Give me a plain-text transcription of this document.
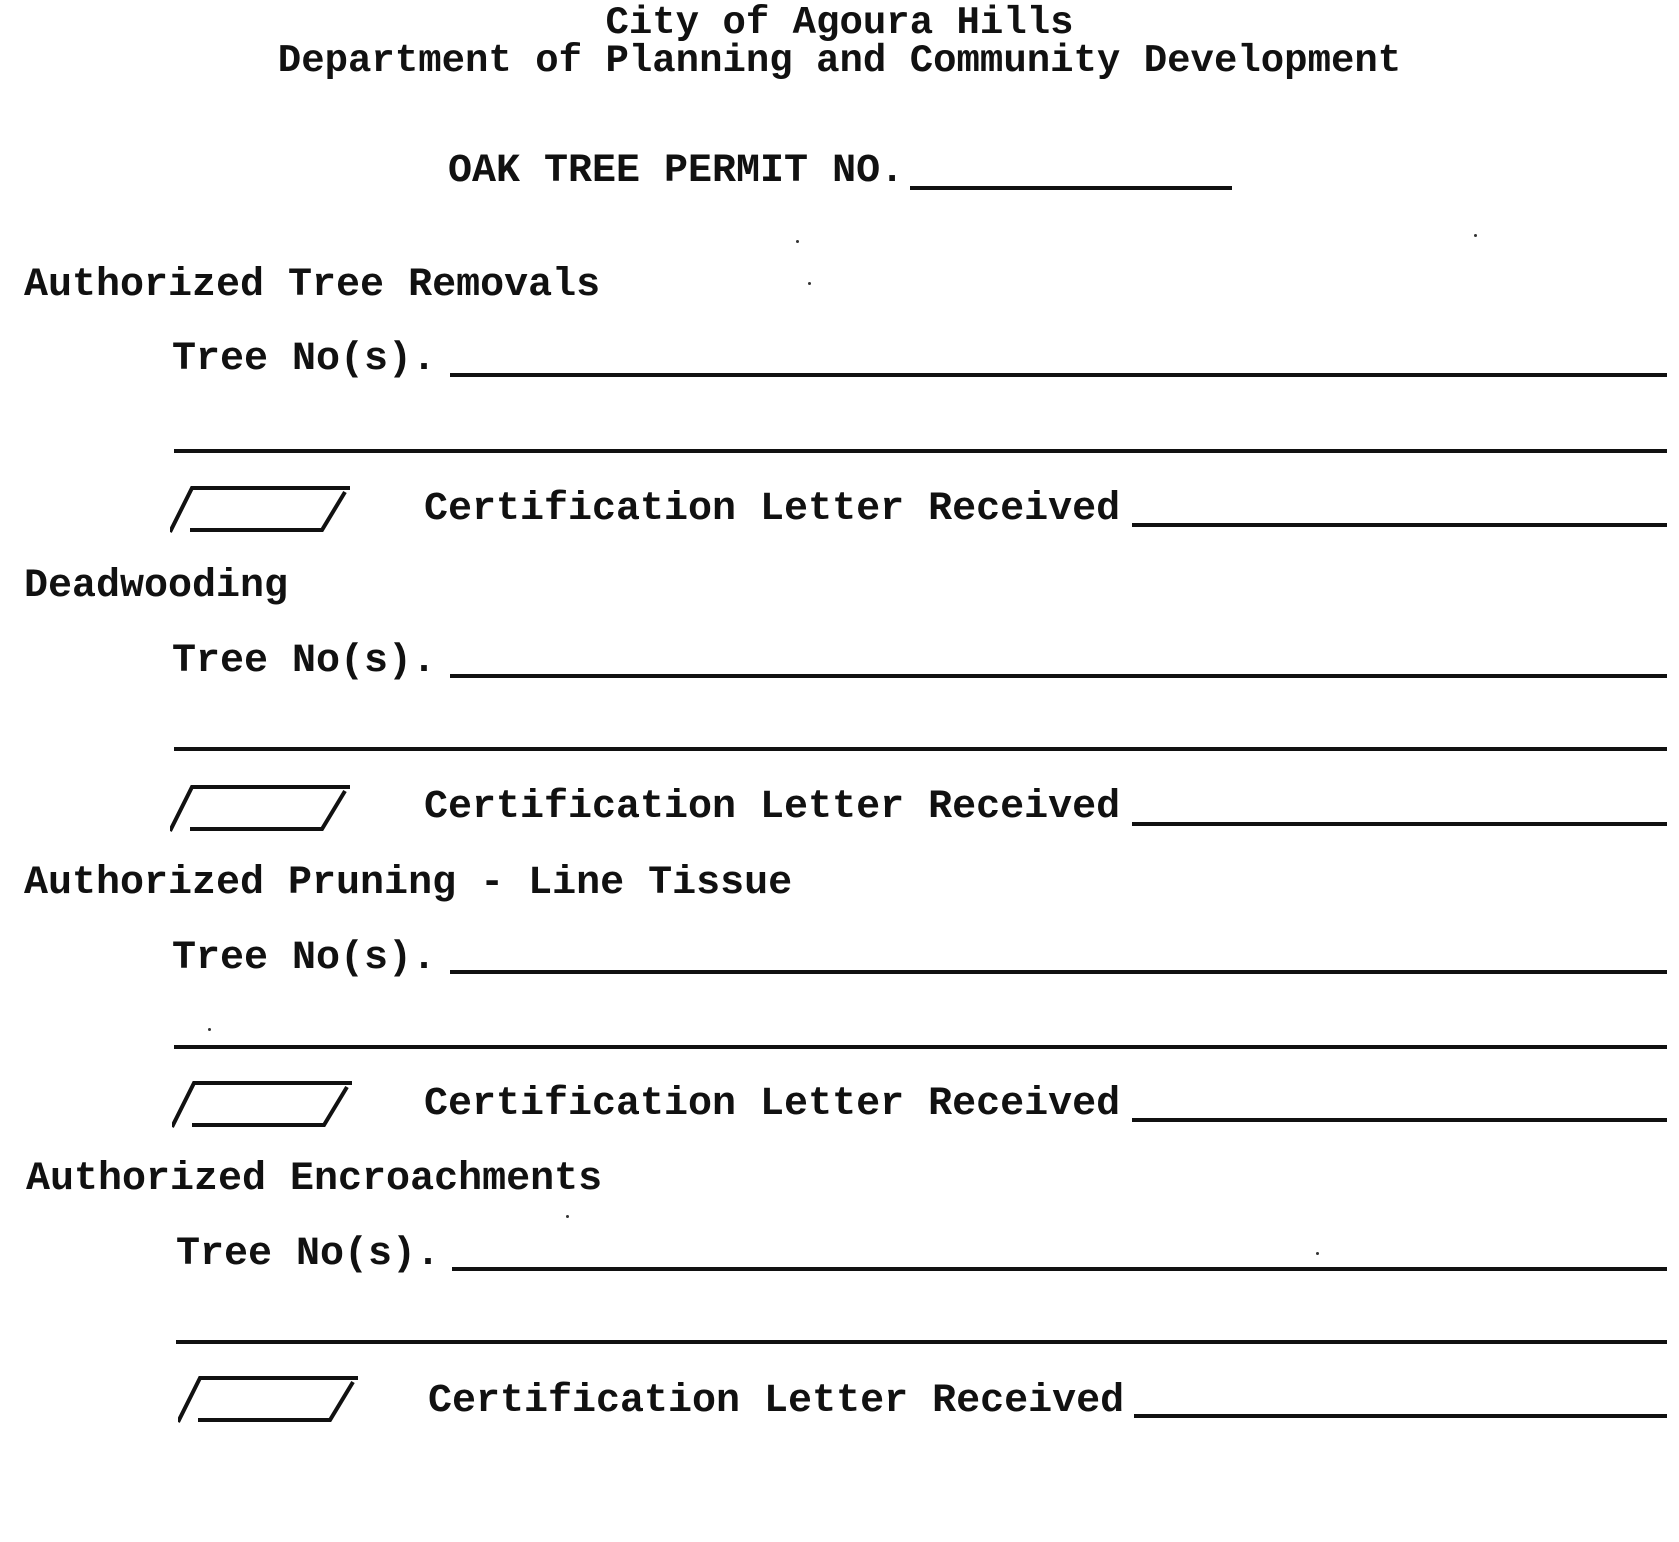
City of Agoura Hills
Department of Planning and Community Development
OAK TREE PERMIT NO.
Authorized Tree Removals
Tree No(s).
Certification Letter Received
Deadwooding
Tree No(s).
Certification Letter Received
Authorized Pruning - Line Tissue
Tree No(s).
Certification Letter Received
Authorized Encroachments
Tree No(s).
Certification Letter Received
